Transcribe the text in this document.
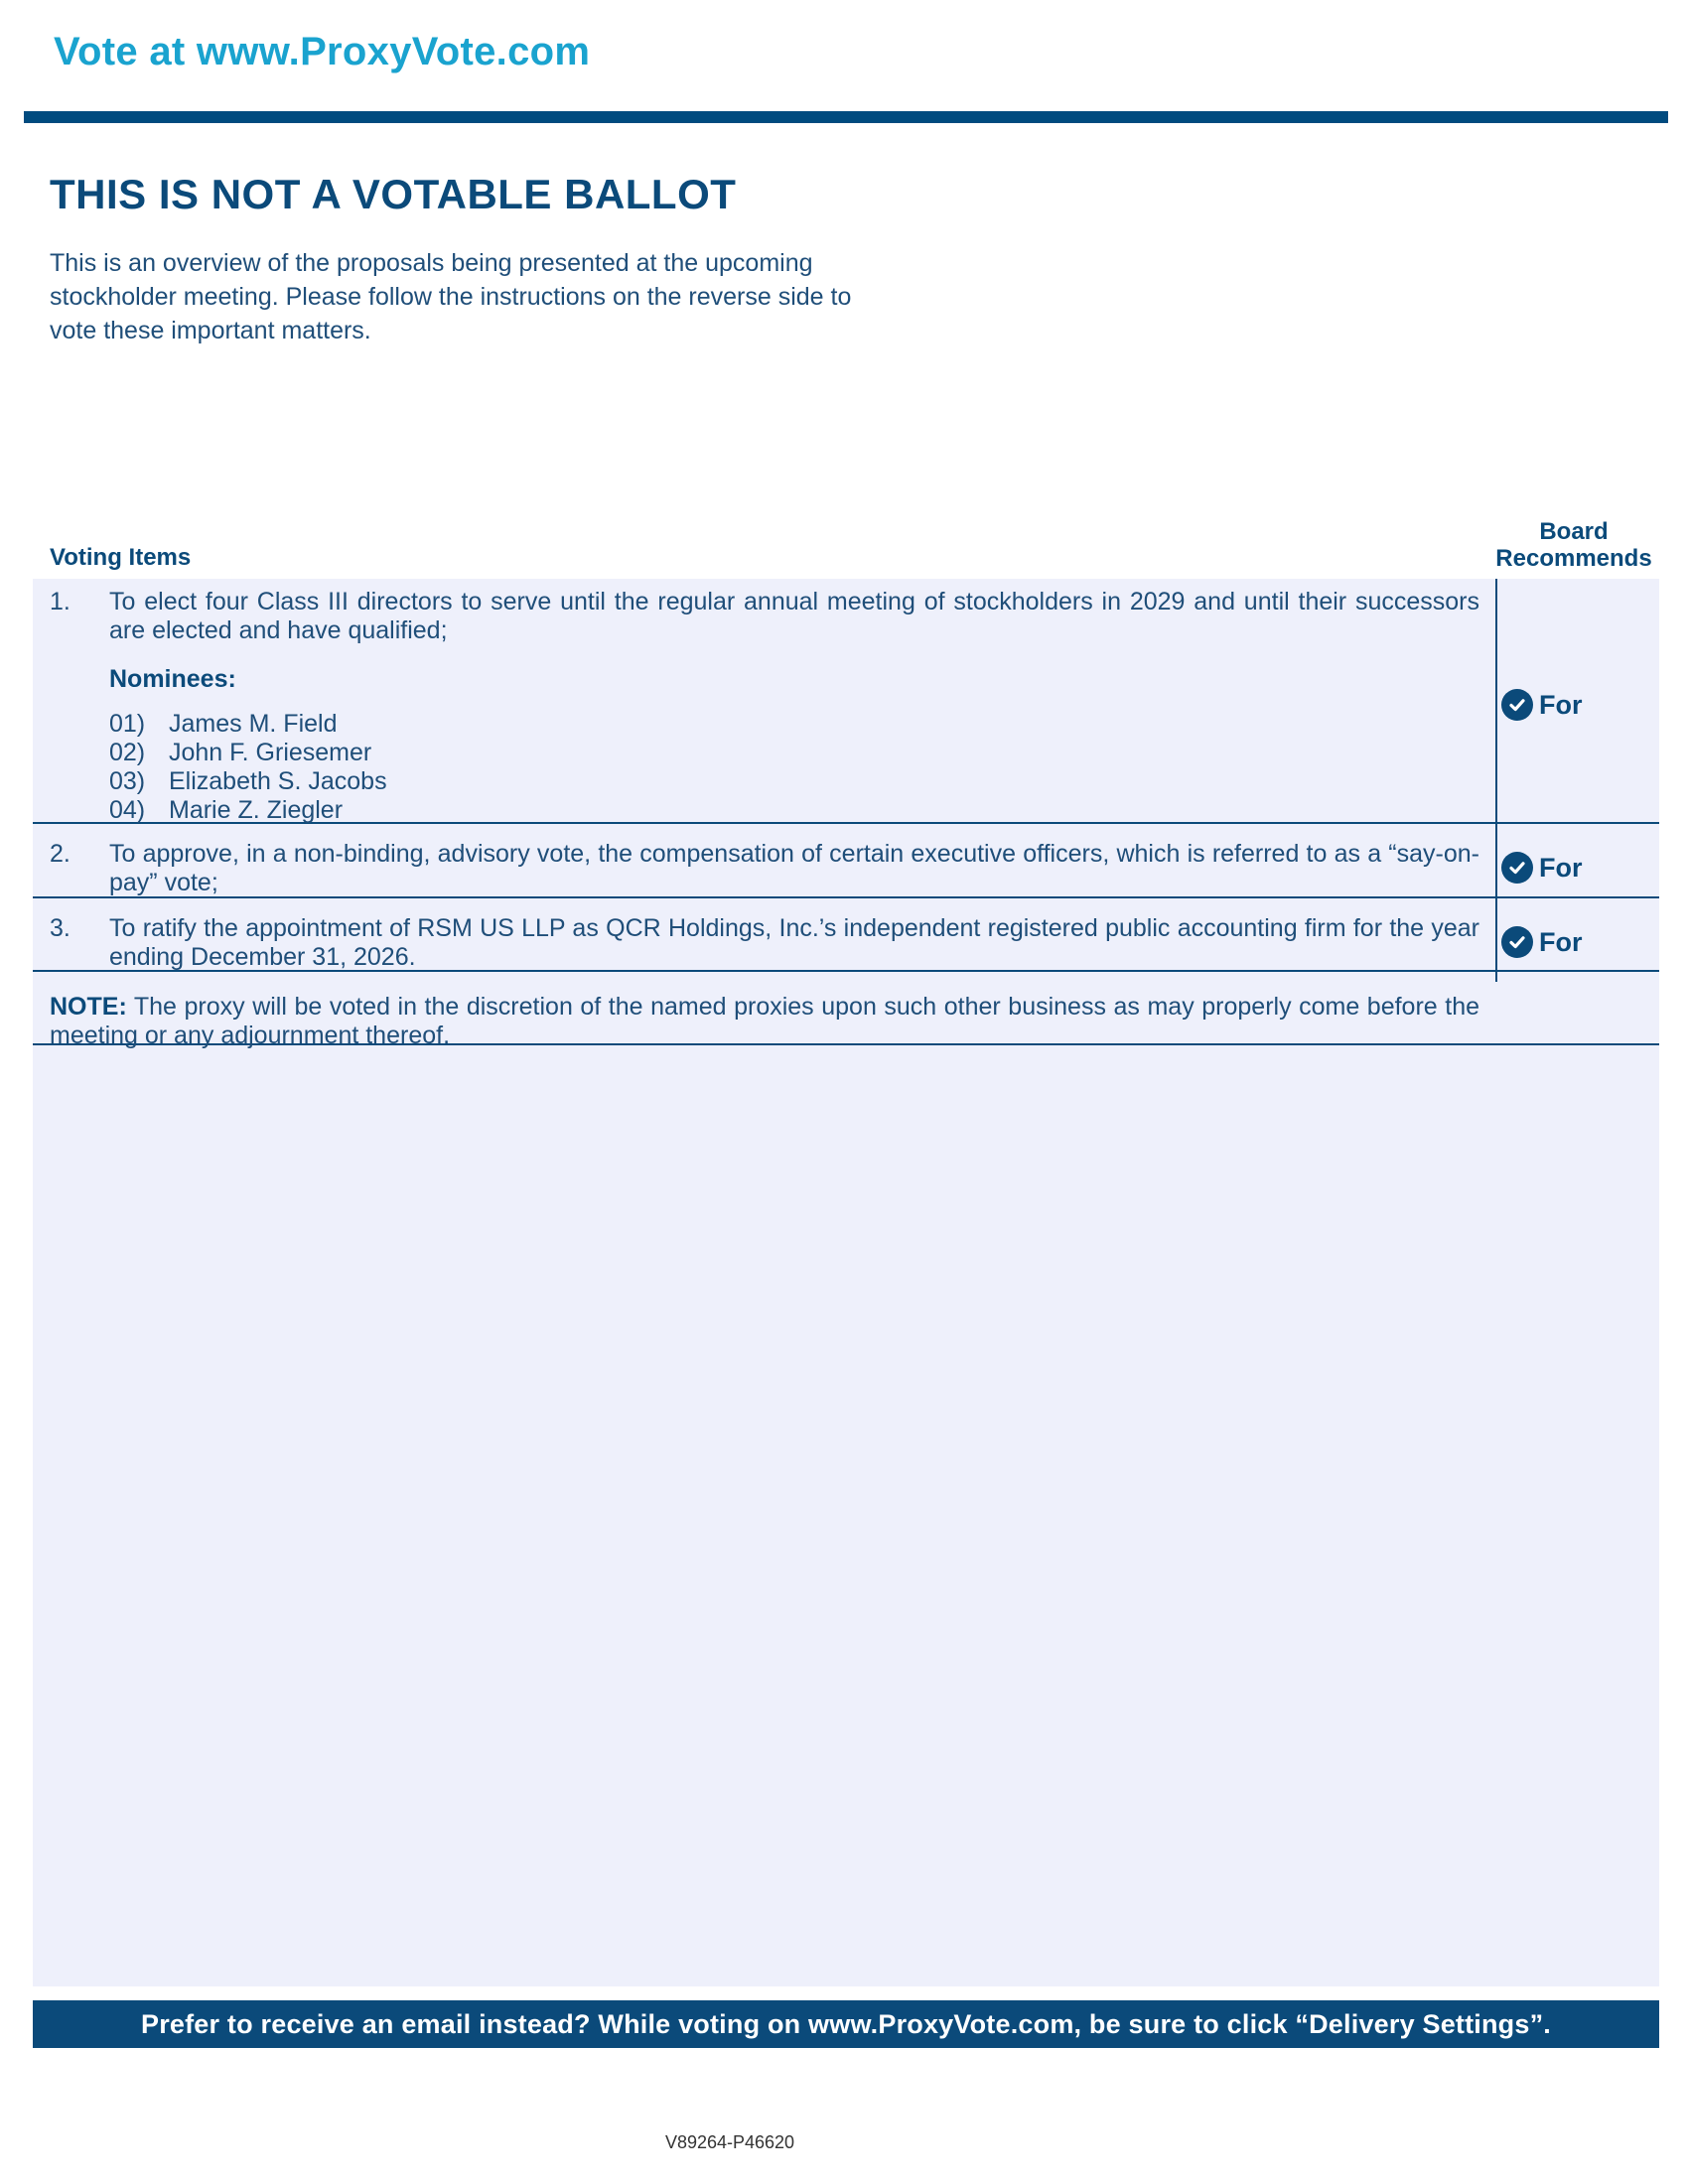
Vote at www.ProxyVote.com
THIS IS NOT A VOTABLE BALLOT

This is an overview of the proposals being presented at the upcoming stockholder meeting. Please follow the instructions on the reverse side to vote these important matters.

Voting Items
Board
Recommends
1. To elect four Class III directors to serve until the regular annual meeting of stockholders in 2029 and until their successors are elected and have qualified;
Nominees:
01) James M. Field
02) John F. Griesemer
03) Elizabeth S. Jacobs
04) Marie Z. Ziegler
For
2. To approve, in a non-binding, advisory vote, the compensation of certain executive officers, which is referred to as a “say-on-pay” vote;
For
3. To ratify the appointment of RSM US LLP as QCR Holdings, Inc.’s independent registered public accounting firm for the year ending December 31, 2026.
For
NOTE: The proxy will be voted in the discretion of the named proxies upon such other business as may properly come before the meeting or any adjournment thereof.
Prefer to receive an email instead? While voting on www.ProxyVote.com, be sure to click “Delivery Settings”.
V89264-P46620
